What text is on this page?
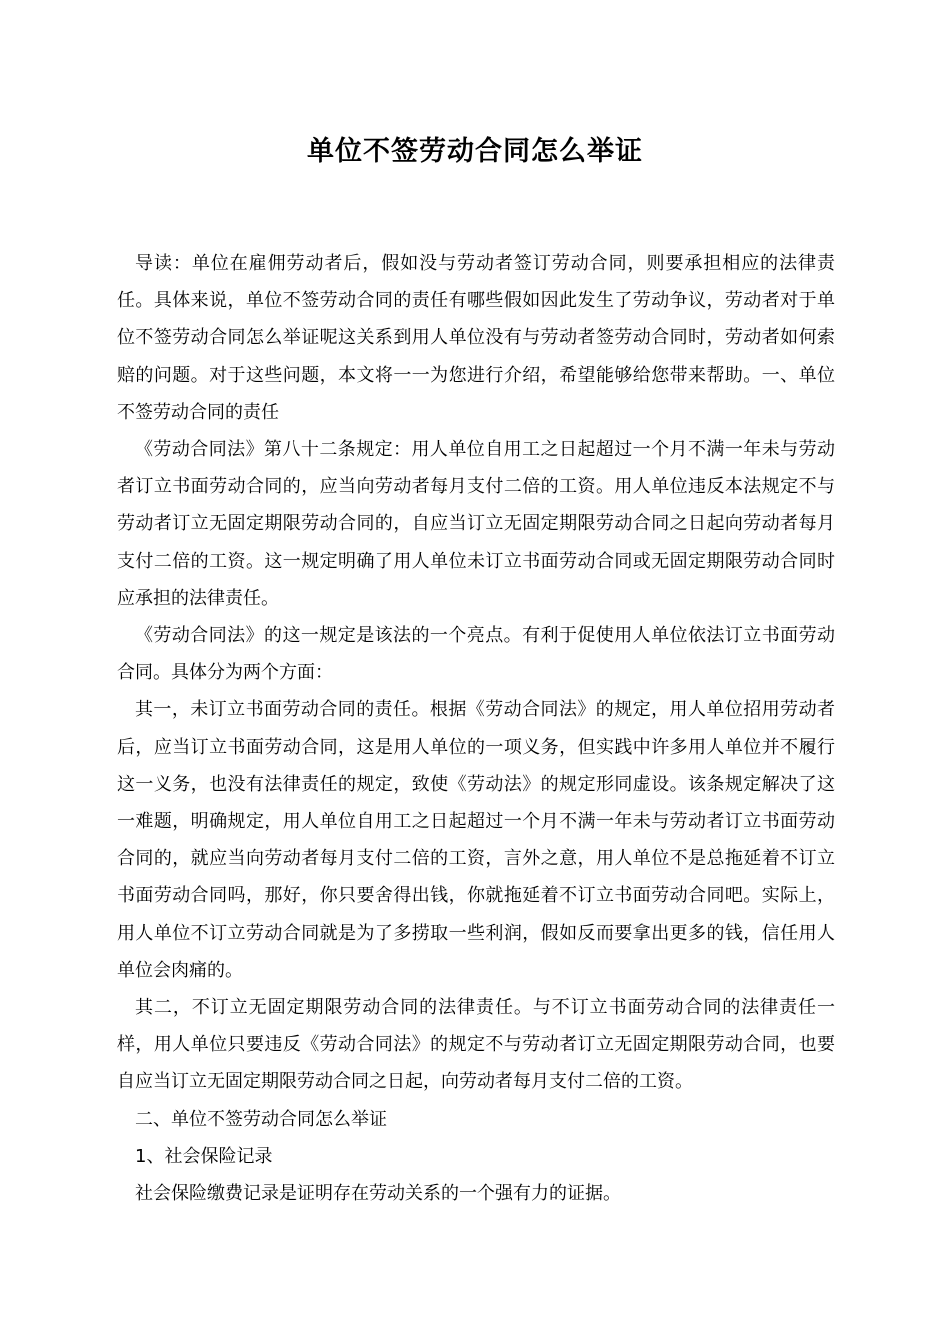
单位不签劳动合同怎么举证

导读：单位在雇佣劳动者后，假如没与劳动者签订劳动合同，则要承担相应的法律责任。具体来说，单位不签劳动合同的责任有哪些假如因此发生了劳动争议，劳动者对于单位不签劳动合同怎么举证呢这关系到用人单位没有与劳动者签劳动合同时，劳动者如何索赔的问题。对于这些问题，本文将一一为您进行介绍，希望能够给您带来帮助。一、单位不签劳动合同的责任

《劳动合同法》第八十二条规定：用人单位自用工之日起超过一个月不满一年未与劳动者订立书面劳动合同的，应当向劳动者每月支付二倍的工资。用人单位违反本法规定不与劳动者订立无固定期限劳动合同的，自应当订立无固定期限劳动合同之日起向劳动者每月支付二倍的工资。这一规定明确了用人单位未订立书面劳动合同或无固定期限劳动合同时应承担的法律责任。

《劳动合同法》的这一规定是该法的一个亮点。有利于促使用人单位依法订立书面劳动合同。具体分为两个方面：

其一，未订立书面劳动合同的责任。根据《劳动合同法》的规定，用人单位招用劳动者后，应当订立书面劳动合同，这是用人单位的一项义务，但实践中许多用人单位并不履行这一义务，也没有法律责任的规定，致使《劳动法》的规定形同虚设。该条规定解决了这一难题，明确规定，用人单位自用工之日起超过一个月不满一年未与劳动者订立书面劳动合同的，就应当向劳动者每月支付二倍的工资，言外之意，用人单位不是总拖延着不订立书面劳动合同吗，那好，你只要舍得出钱，你就拖延着不订立书面劳动合同吧。实际上，用人单位不订立劳动合同就是为了多捞取一些利润，假如反而要拿出更多的钱，信任用人单位会肉痛的。

其二，不订立无固定期限劳动合同的法律责任。与不订立书面劳动合同的法律责任一样，用人单位只要违反《劳动合同法》的规定不与劳动者订立无固定期限劳动合同，也要自应当订立无固定期限劳动合同之日起，向劳动者每月支付二倍的工资。

二、单位不签劳动合同怎么举证

1、社会保险记录

社会保险缴费记录是证明存在劳动关系的一个强有力的证据。
